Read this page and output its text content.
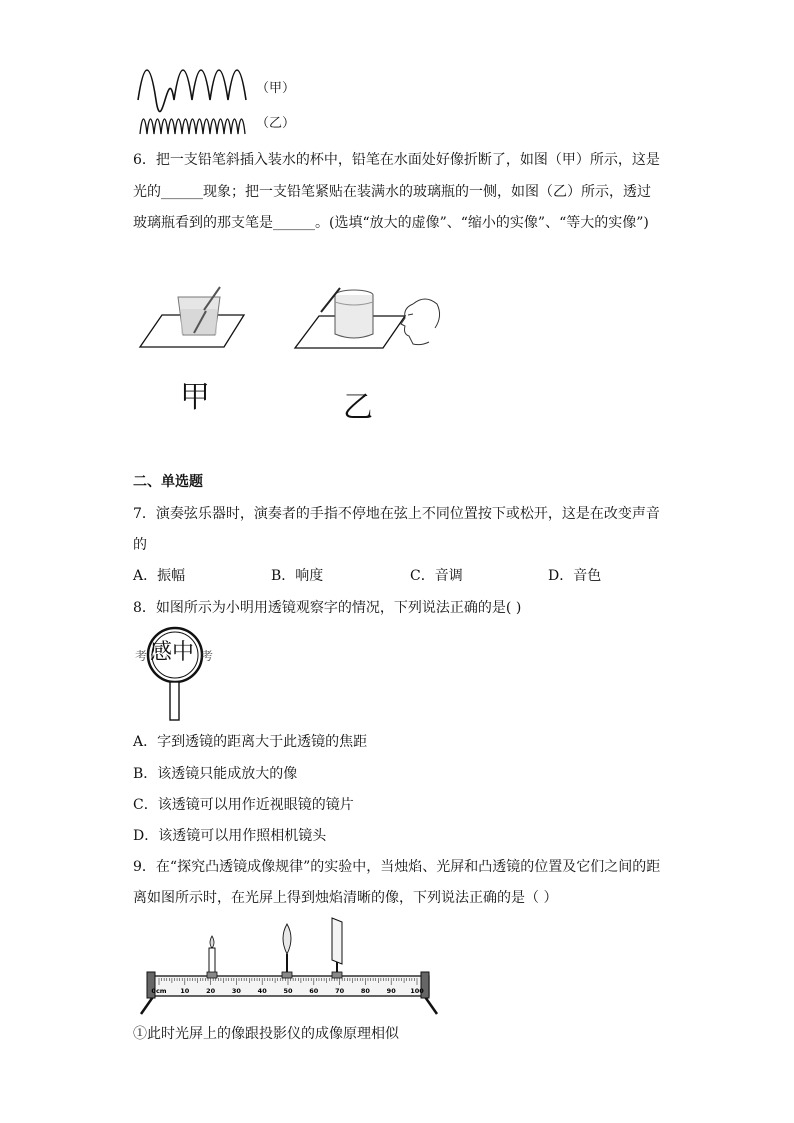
（甲）
（乙）
6．把一支铅笔斜插入装水的杯中，铅笔在水面处好像折断了，如图（甲）所示，这是
光的______现象；把一支铅笔紧贴在装满水的玻璃瓶的一侧，如图（乙）所示，透过
玻璃瓶看到的那支笔是______。(选填“放大的虚像”、“缩小的实像”、“等大的实像”)
甲	乙
二、单选题
7．演奏弦乐器时，演奏者的手指不停地在弦上不同位置按下或松开，这是在改变声音
的
A．振幅	B．响度	C．音调	D．音色
8．如图所示为小明用透镜观察字的情况，下列说法正确的是( )
考 感中 考
A．字到透镜的距离大于此透镜的焦距
B．该透镜只能成放大的像
C．该透镜可以用作近视眼镜的镜片
D．该透镜可以用作照相机镜头
9．在“探究凸透镜成像规律”的实验中，当烛焰、光屏和凸透镜的位置及它们之间的距
离如图所示时，在光屏上得到烛焰清晰的像，下列说法正确的是（ ）
0cm 10	20	30	40	50	60	70	80	90 100
①此时光屏上的像跟投影仪的成像原理相似
